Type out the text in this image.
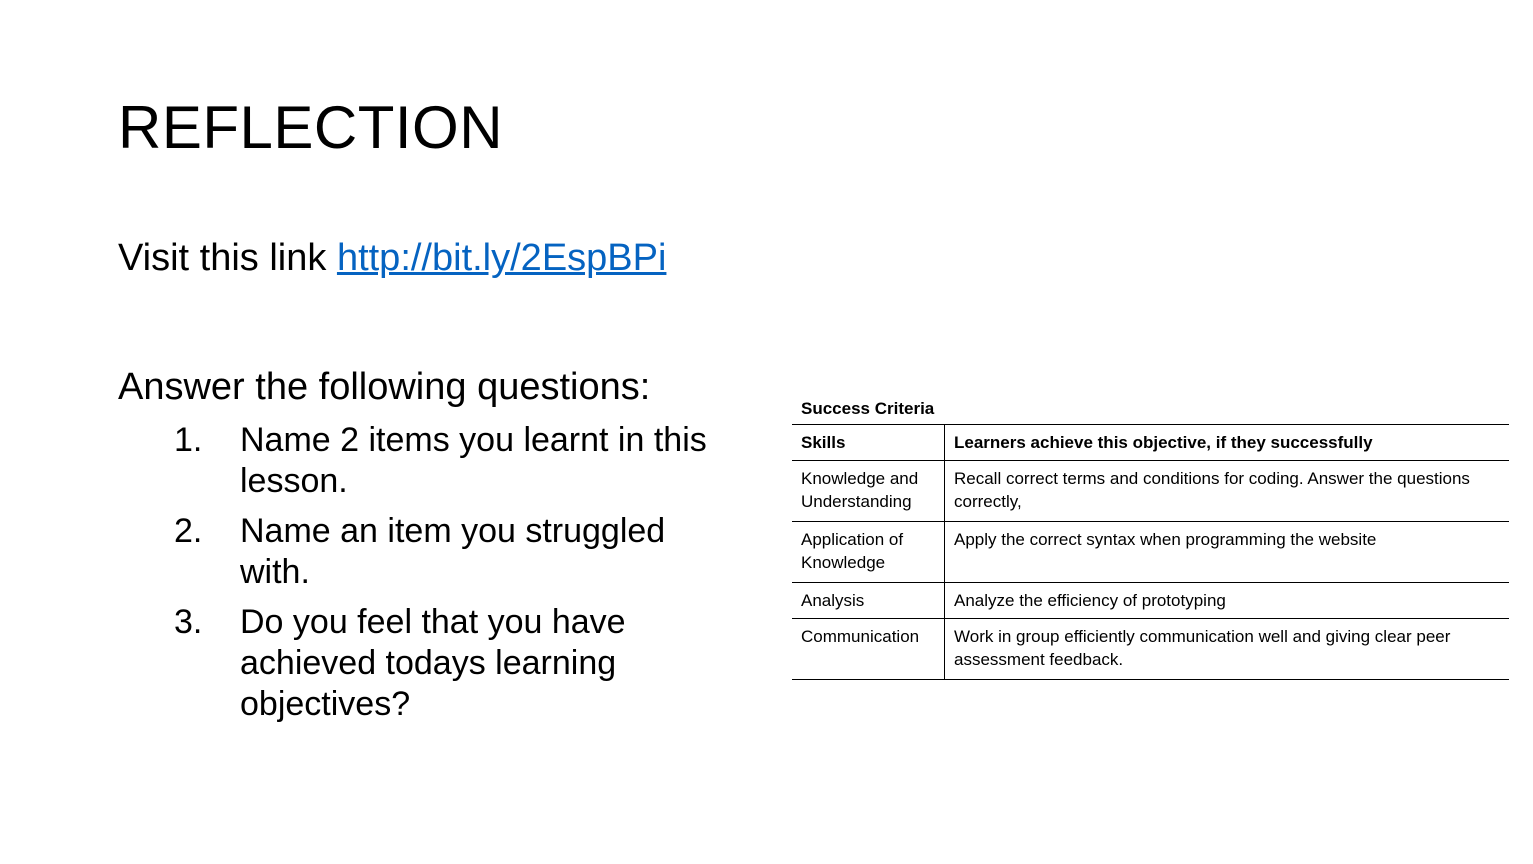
REFLECTION
Visit this link http://bit.ly/2EspBPi
Answer the following questions:
1. Name 2 items you learnt in this lesson.
2. Name an item you struggled with.
3. Do you feel that you have achieved todays learning objectives?
Success Criteria
Skills	Learners achieve this objective, if they successfully
Knowledge and Understanding	Recall correct terms and conditions for coding. Answer the questions correctly,
Application of Knowledge	Apply the correct syntax when programming the website
Analysis	Analyze the efficiency of prototyping
Communication	Work in group efficiently communication well and giving clear peer assessment feedback.
